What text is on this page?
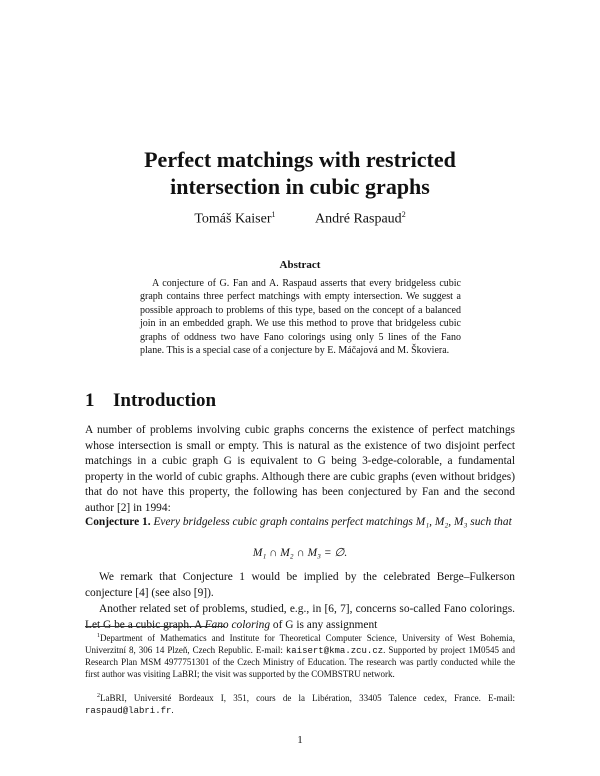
Perfect matchings with restricted
intersection in cubic graphs
Tomáš Kaiser$^1$	André Raspaud$^2$
Abstract
A conjecture of G. Fan and A. Raspaud asserts that every bridgeless cubic graph contains three perfect matchings with empty intersection. We suggest a possible approach to problems of this type, based on the concept of a balanced join in an embedded graph. We use this method to prove that bridgeless cubic graphs of oddness two have Fano colorings using only 5 lines of the Fano plane. This is a special case of a conjecture by E. Máčajová and M. Škoviera.
1 Introduction
A number of problems involving cubic graphs concerns the existence of perfect matchings whose intersection is small or empty. This is natural as the existence of two disjoint perfect matchings in a cubic graph G is equivalent to G being 3-edge-colorable, a fundamental property in the world of cubic graphs. Although there are cubic graphs (even without bridges) that do not have this property, the following has been conjectured by Fan and the second author [2] in 1994:
Conjecture 1. Every bridgeless cubic graph contains perfect matchings M₁, M₂, M₃ such that
M₁ ∩ M₂ ∩ M₃ = ∅.
We remark that Conjecture 1 would be implied by the celebrated Berge–Fulkerson conjecture [4] (see also [9]).
Another related set of problems, studied, e.g., in [6, 7], concerns so-called Fano colorings. Let G be a cubic graph. A Fano coloring of G is any assignment
$^1$Department of Mathematics and Institute for Theoretical Computer Science, University of West Bohemia, Univerzitní 8, 306 14 Plzeň, Czech Republic. E-mail: kaisert@kma.zcu.cz. Supported by project 1M0545 and Research Plan MSM 4977751301 of the Czech Ministry of Education. The research was partly conducted while the first author was visiting LaBRI; the visit was supported by the COMBSTRU network.
$^2$LaBRI, Université Bordeaux I, 351, cours de la Libération, 33405 Talence cedex, France. E-mail: raspaud@labri.fr.
1
